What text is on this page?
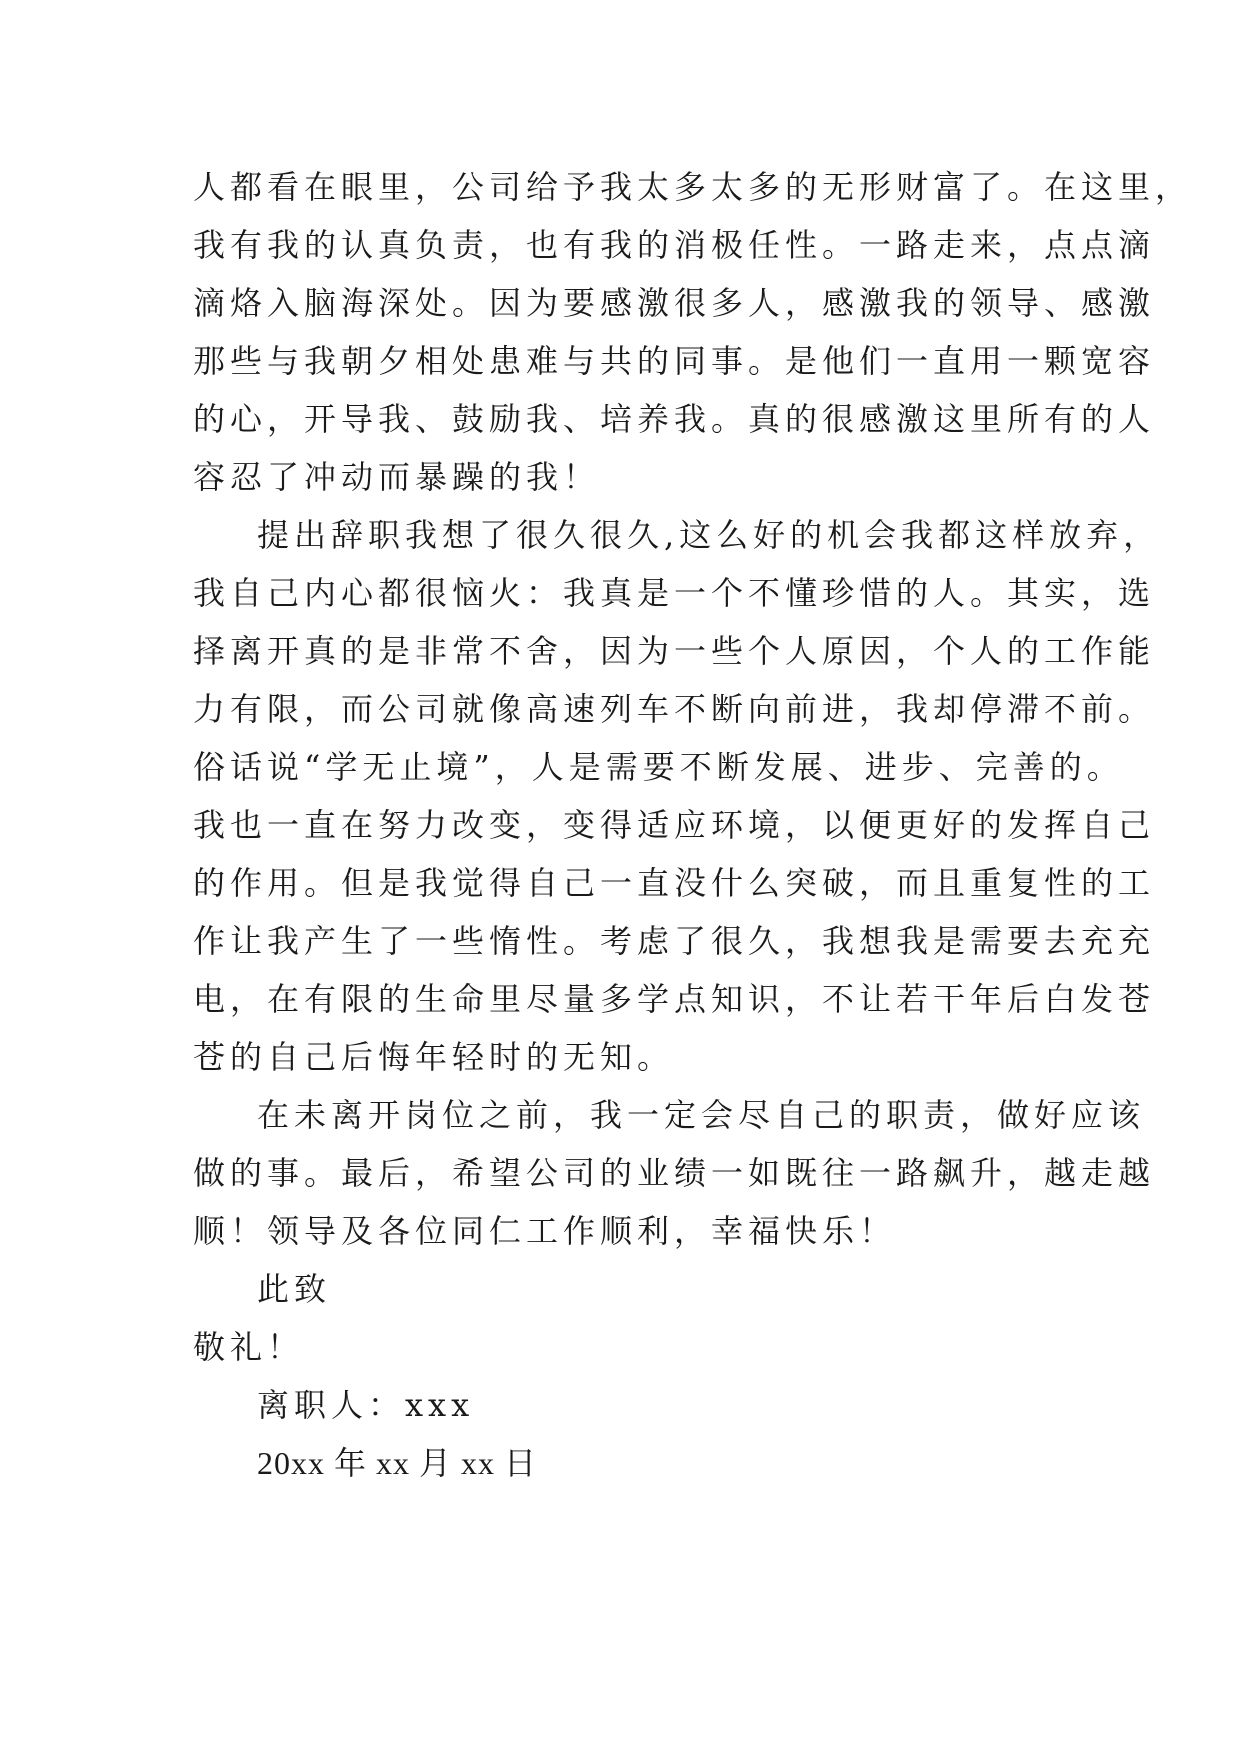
人都看在眼里，公司给予我太多太多的无形财富了。在这里，
我有我的认真负责，也有我的消极任性。一路走来，点点滴
滴烙入脑海深处。因为要感激很多人，感激我的领导、感激
那些与我朝夕相处患难与共的同事。是他们一直用一颗宽容
的心，开导我、鼓励我、培养我。真的很感激这里所有的人
容忍了冲动而暴躁的我！
提出辞职我想了很久很久,这么好的机会我都这样放弃，
我自己内心都很恼火：我真是一个不懂珍惜的人。其实，选
择离开真的是非常不舍，因为一些个人原因，个人的工作能
力有限，而公司就像高速列车不断向前进，我却停滞不前。
俗话说“学无止境”，人是需要不断发展、进步、完善的。
我也一直在努力改变，变得适应环境，以便更好的发挥自己
的作用。但是我觉得自己一直没什么突破，而且重复性的工
作让我产生了一些惰性。考虑了很久，我想我是需要去充充
电，在有限的生命里尽量多学点知识，不让若干年后白发苍
苍的自己后悔年轻时的无知。
在未离开岗位之前，我一定会尽自己的职责，做好应该
做的事。最后，希望公司的业绩一如既往一路飙升，越走越
顺！领导及各位同仁工作顺利，幸福快乐！
此致
敬礼！
离职人：xxx
20xx 年 xx 月 xx 日
